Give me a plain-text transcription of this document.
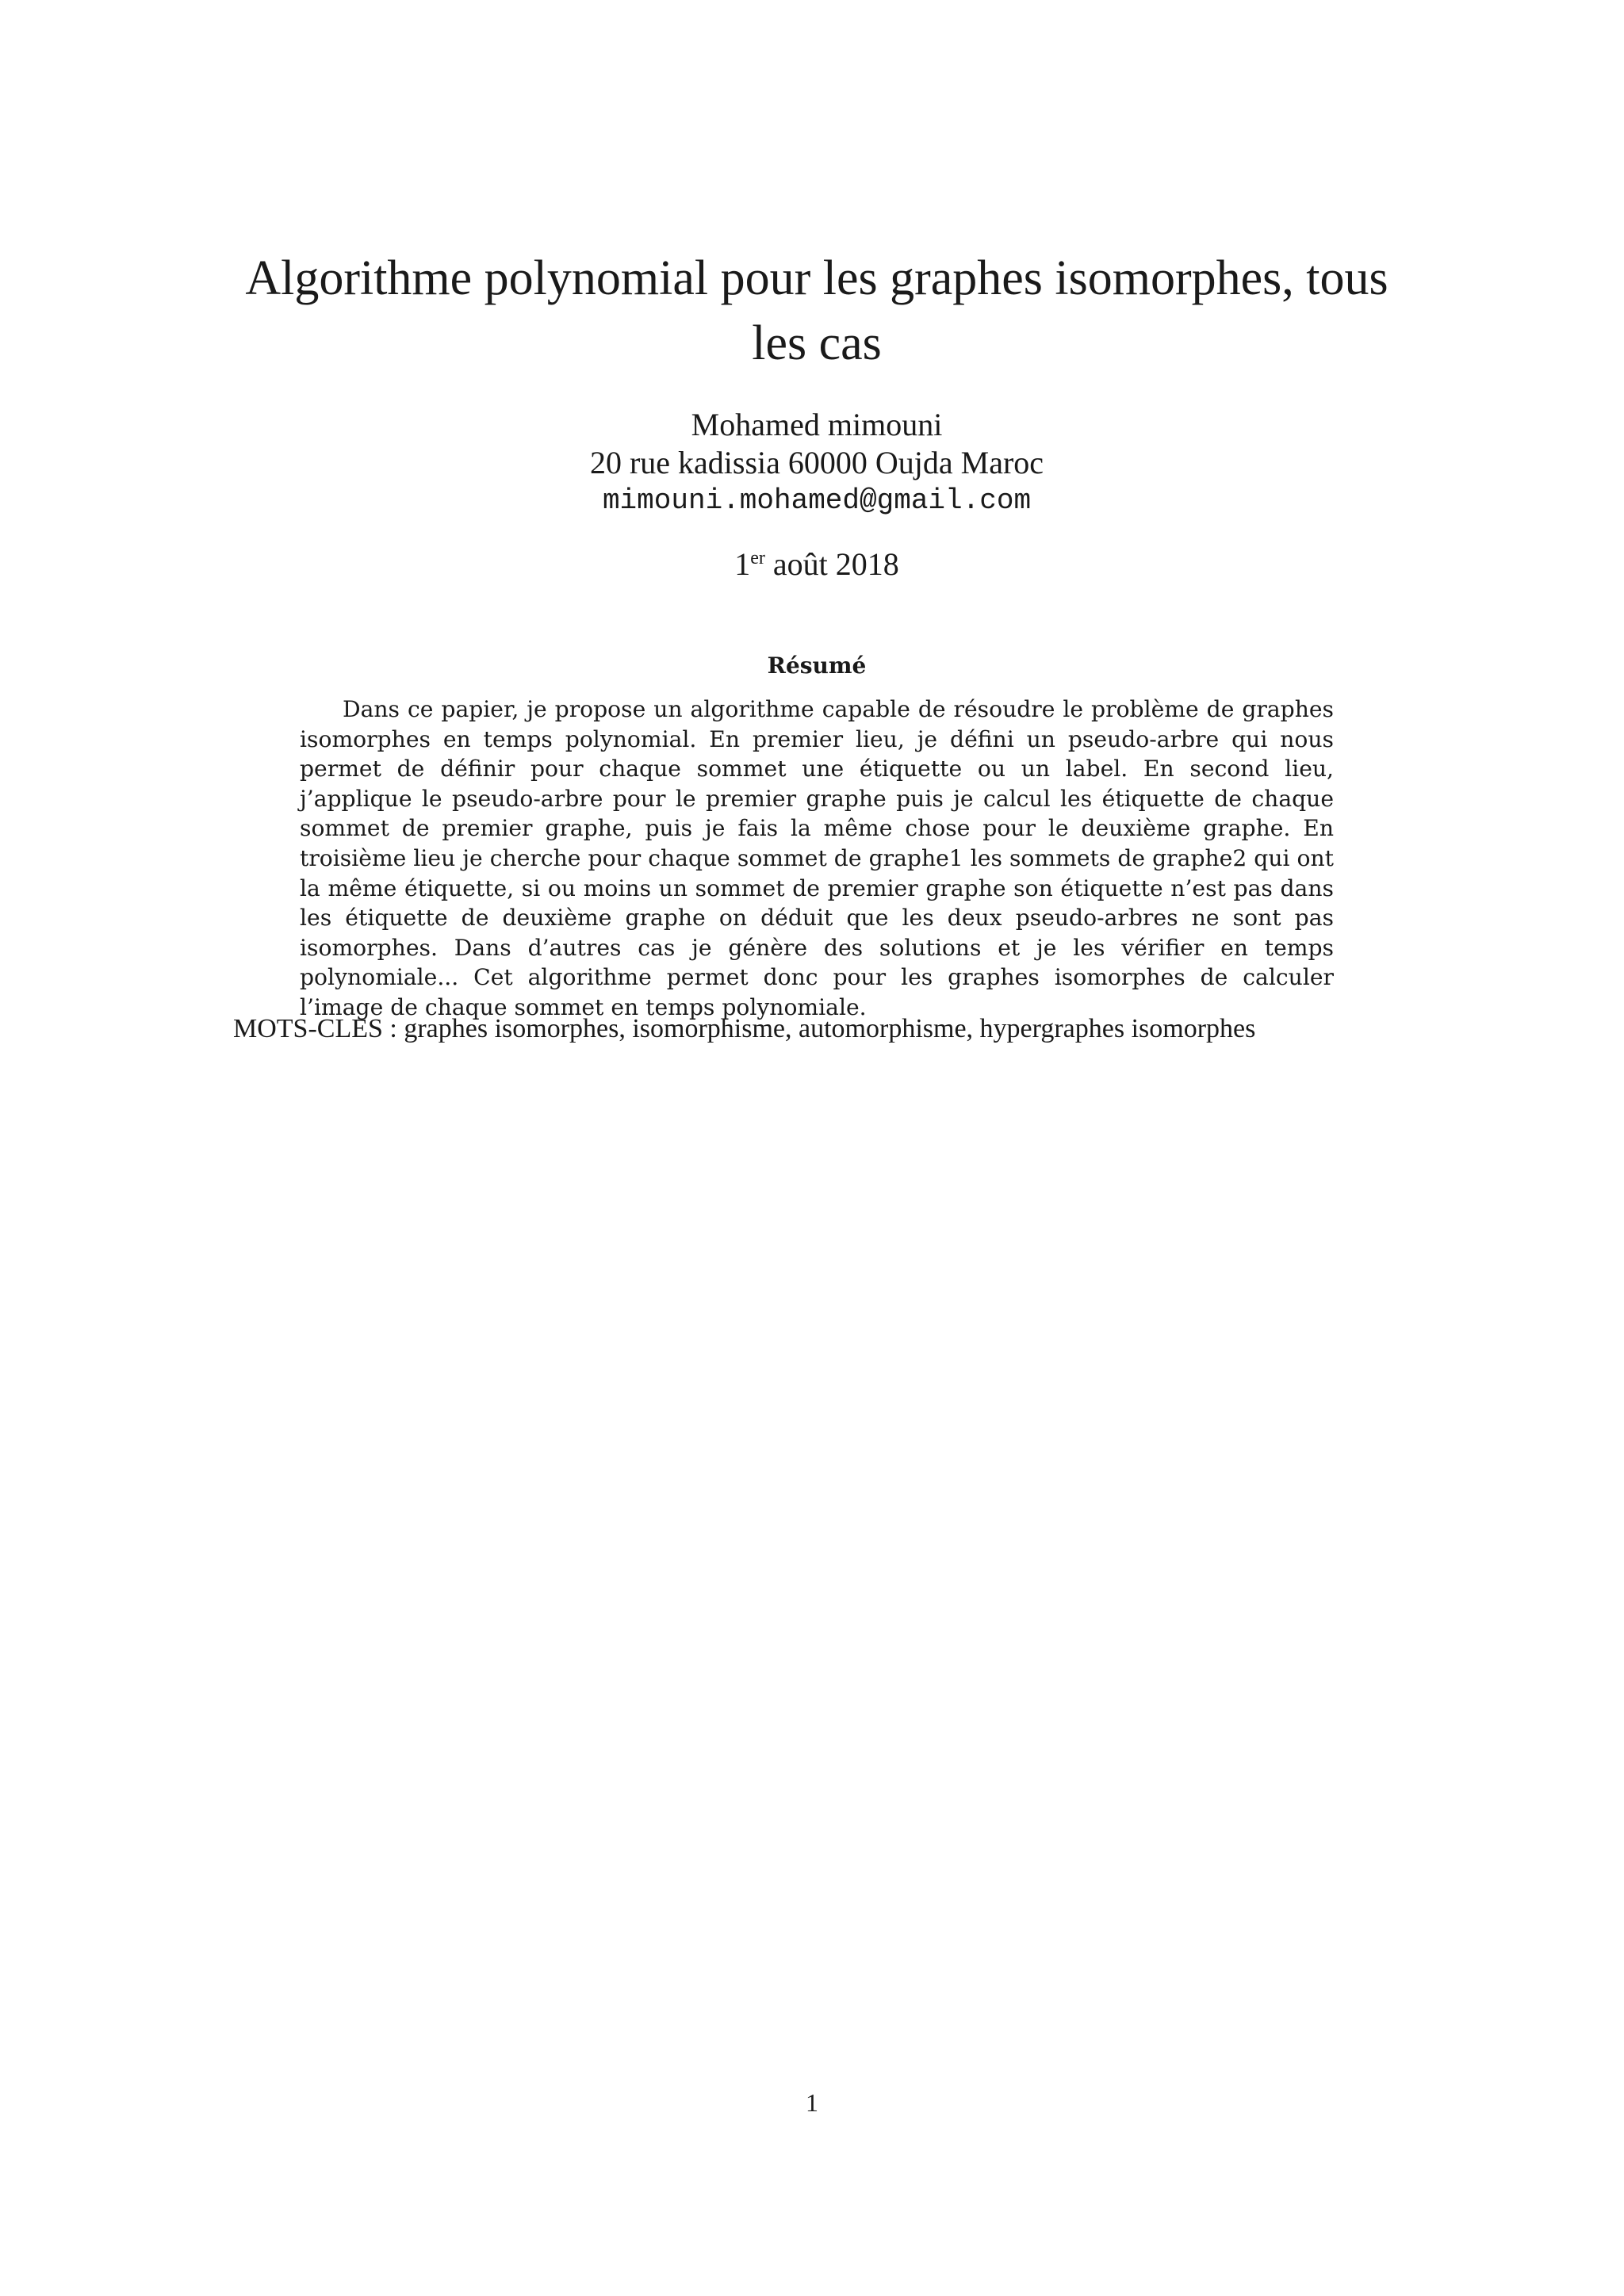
Algorithme polynomial pour les graphes isomorphes, tous les cas
Mohamed mimouni
20 rue kadissia 60000 Oujda Maroc
mimouni.mohamed@gmail.com
1er août 2018
Résumé

Dans ce papier, je propose un algorithme capable de résoudre le problème de graphes isomorphes en temps polynomial. En premier lieu, je défini un pseudo-arbre qui nous permet de définir pour chaque sommet une étiquette ou un label. En second lieu, j’applique le pseudo-arbre pour le premier graphe puis je calcul les étiquette de chaque sommet de premier graphe, puis je fais la même chose pour le deuxième graphe. En troisième lieu je cherche pour chaque sommet de graphe1 les sommets de graphe2 qui ont la même étiquette, si ou moins un sommet de premier graphe son étiquette n’est pas dans les étiquette de deuxième graphe on déduit que les deux pseudo-arbres ne sont pas isomorphes. Dans d’autres cas je génère des solutions et je les vérifier en temps polynomiale... Cet algorithme permet donc pour les graphes isomorphes de calculer l’image de chaque sommet en temps polynomiale.

MOTS-CLES : graphes isomorphes, isomorphisme, automorphisme, hypergraphes isomorphes

1
